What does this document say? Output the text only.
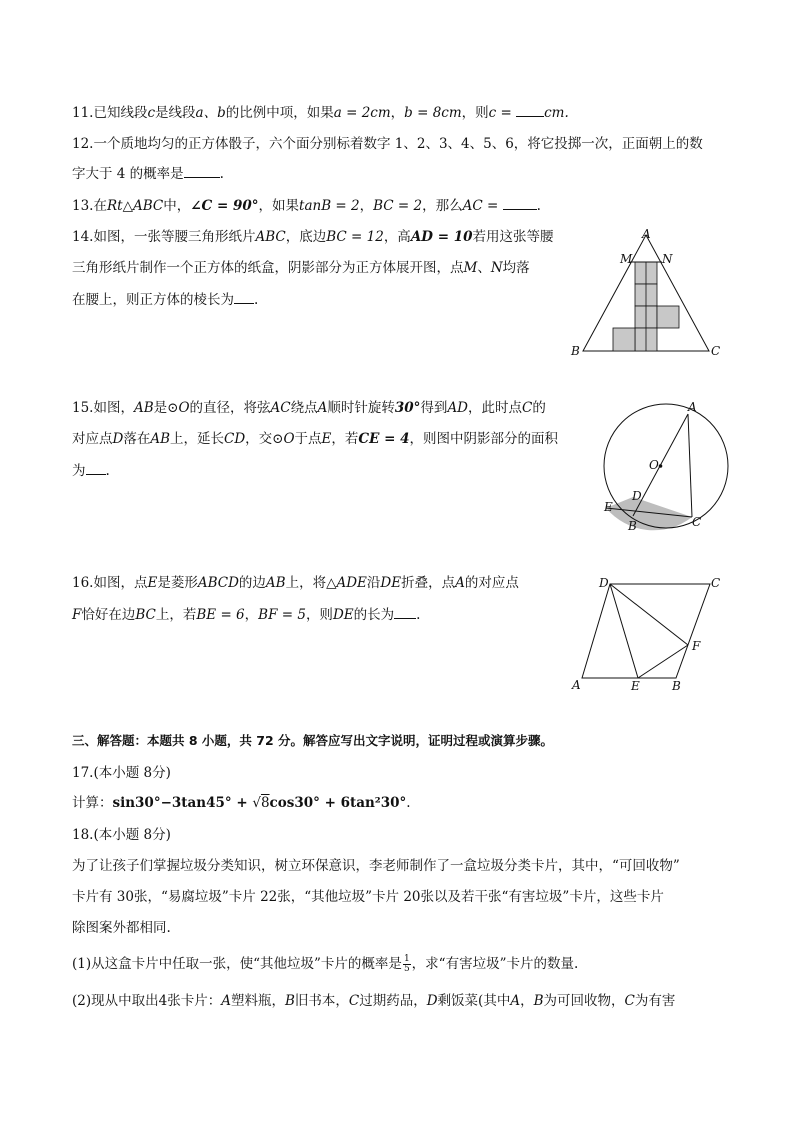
11.已知线段c是线段a、b的比例中项，如果a = 2cm，b = 8cm，则c = cm.
12.一个质地均匀的正方体骰子，六个面分别标着数字 1、2、3、4、5、6，将它投掷一次，正面朝上的数
字大于 4 的概率是	.
13.在Rt△ABC中，∠C = 90°，如果tanB = 2，BC = 2，那么AC =	.
14.如图，一张等腰三角形纸片ABC，底边BC = 12，高AD = 10若用这张等腰
三角形纸片制作一个正方体的纸盒，阴影部分为正方体展开图，点M、N均落
在腰上，则正方体的棱长为 .
A
M N
B	C
15.如图，AB是⊙O的直径，将弦AC绕点A顺时针旋转30°得到AD，此时点C的
对应点D落在AB上，延长CD，交⊙O于点E，若CE = 4，则图中阴影部分的面积
为 .
A
O
D
E
B	C
16.如图，点E是菱形ABCD的边AB上，将△ADE沿DE折叠，点A的对应点
F恰好在边BC上，若BE = 6，BF = 5，则DE的长为 .
D	C
F
A	E	B
三、解答题：本题共 8 小题，共 72 分。解答应写出文字说明，证明过程或演算步骤。
17.(本小题 8分)
计算：sin30°−3tan45° + √8cos30° + 6tan²30°.
18.(本小题 8分)
为了让孩子们掌握垃圾分类知识，树立环保意识，李老师制作了一盒垃圾分类卡片，其中，“可回收物”
卡片有 30张，“易腐垃圾”卡片 22张，“其他垃圾”卡片 20张以及若干张“有害垃圾”卡片，这些卡片
除图案外都相同.
(1)从这盒卡片中任取一张，使“其他垃圾”卡片的概率是 $\frac{1}{5}$ ，求“有害垃圾”卡片的数量.
(2)现从中取出4张卡片：A塑料瓶，B旧书本，C过期药品，D剩饭菜(其中A，B为可回收物，C为有害
